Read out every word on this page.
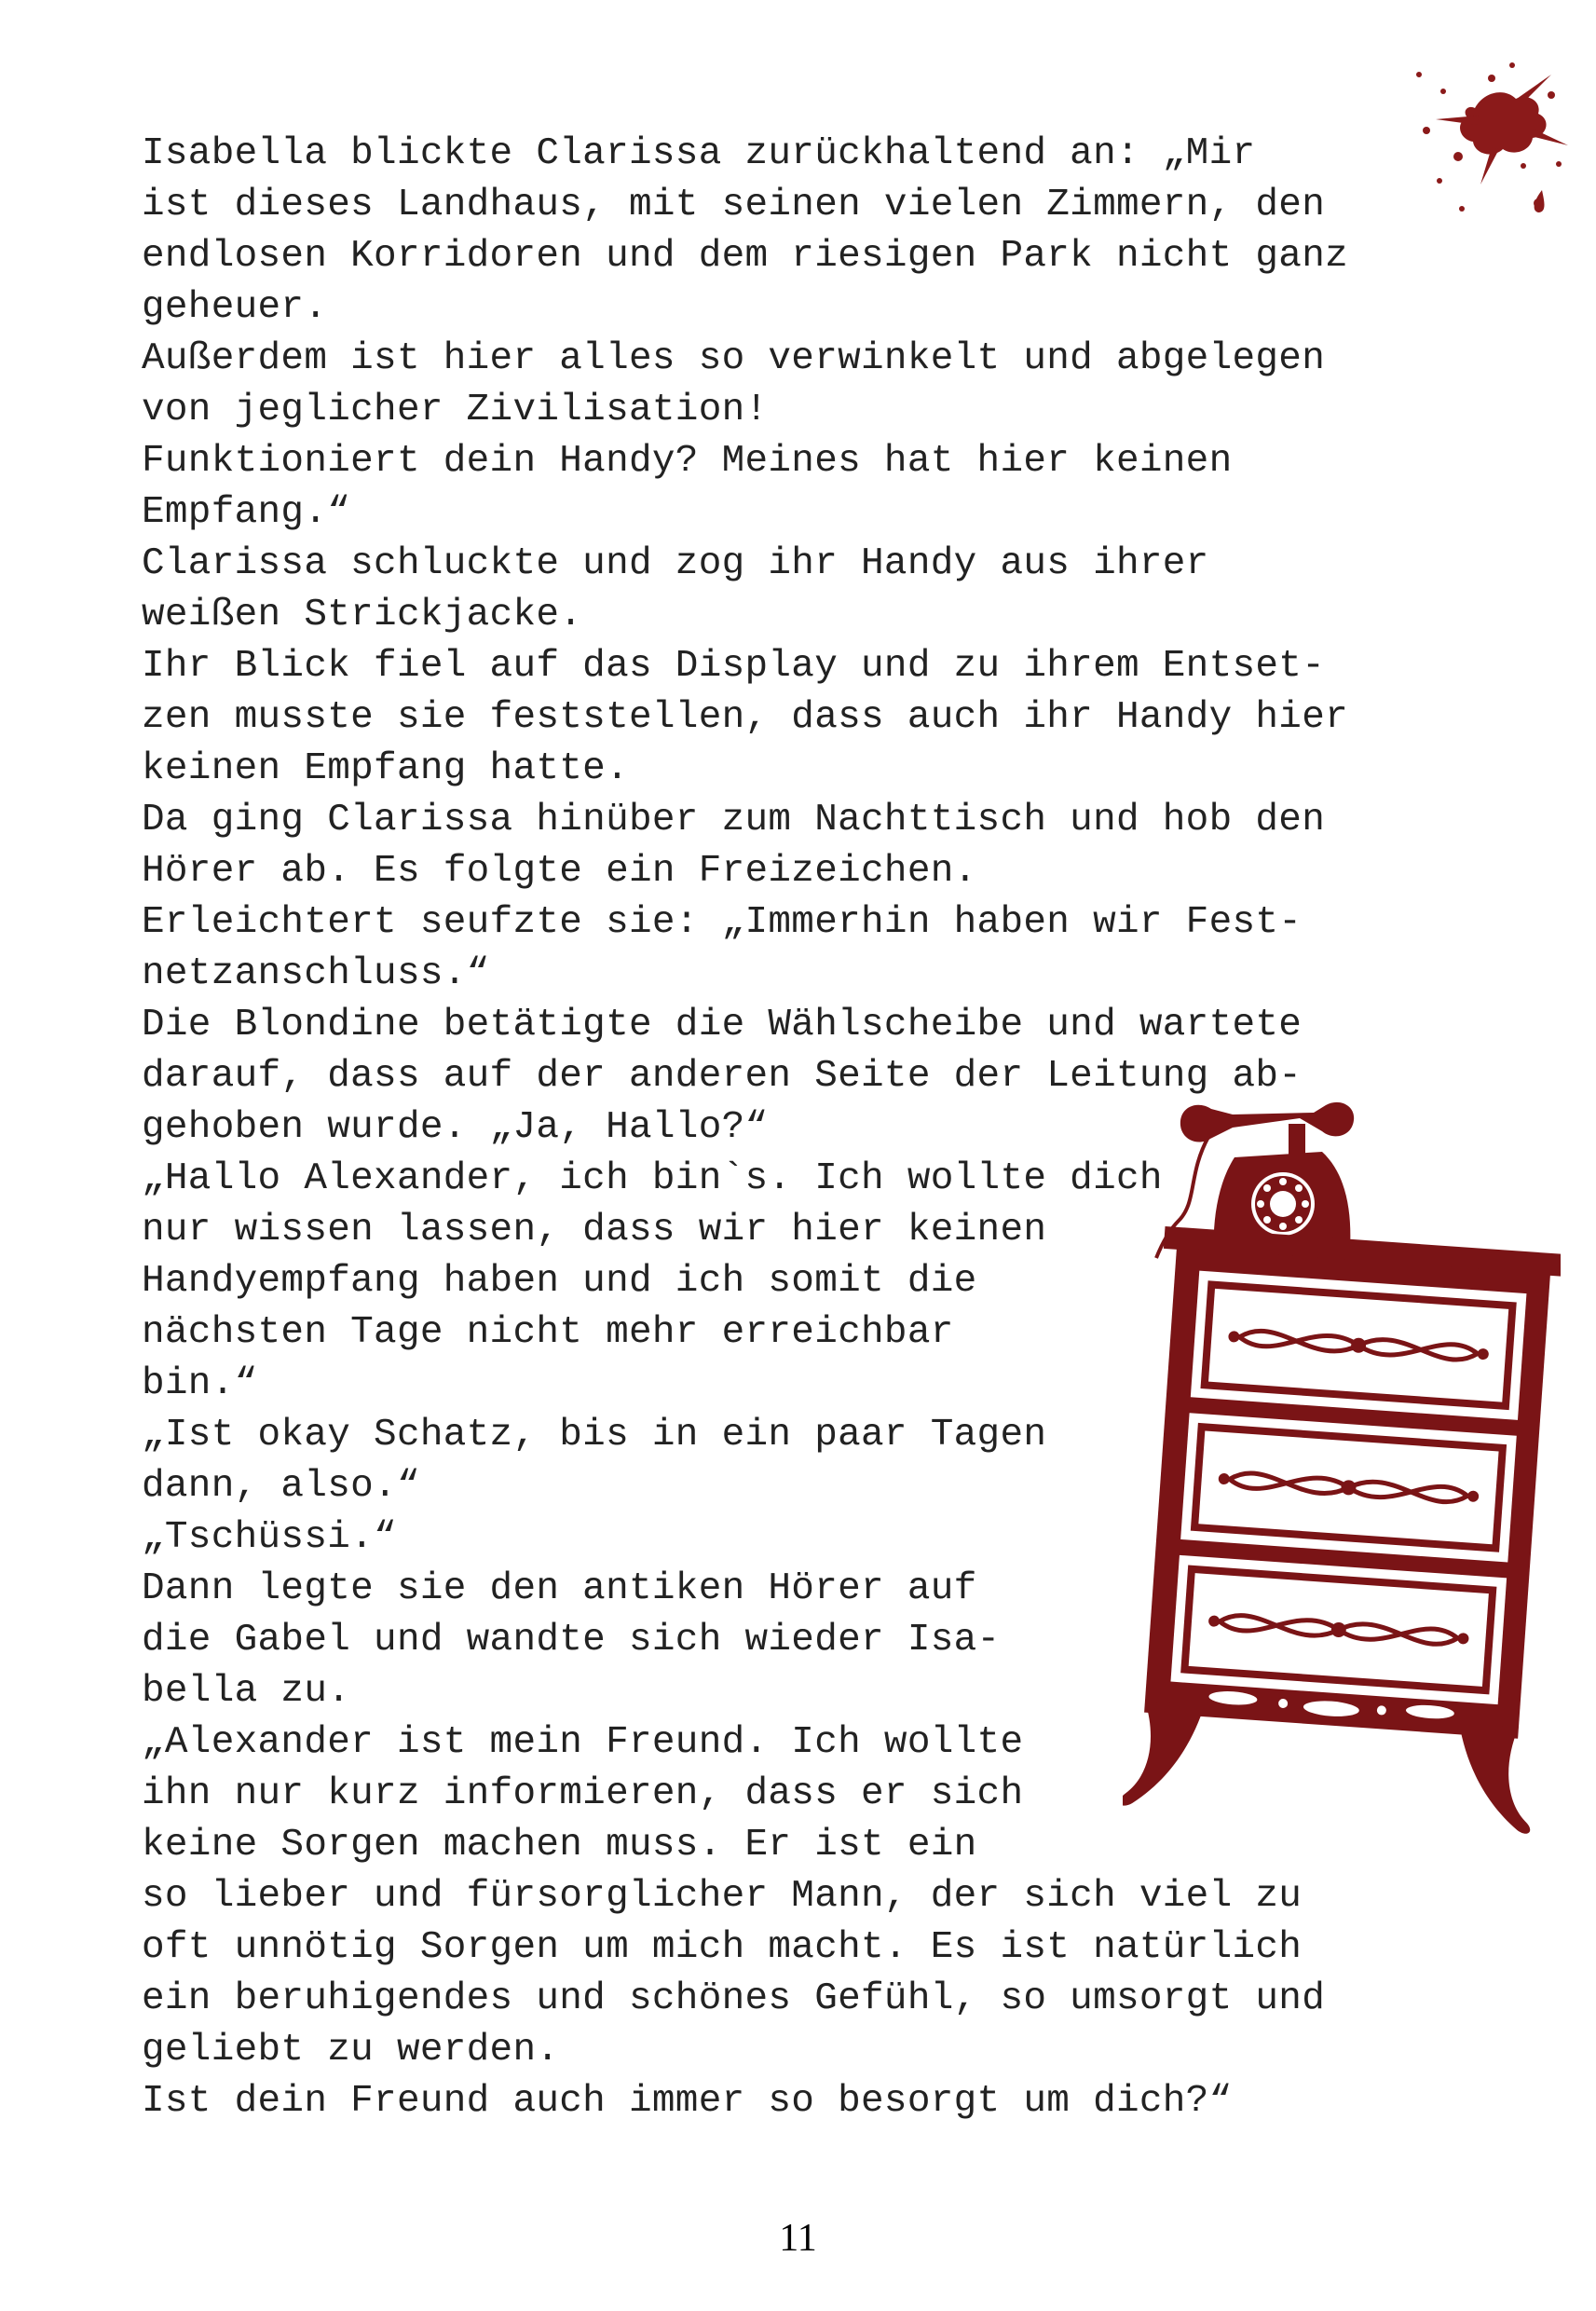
Isabella blickte Clarissa zurückhaltend an: „Mir
ist dieses Landhaus, mit seinen vielen Zimmern, den
endlosen Korridoren und dem riesigen Park nicht ganz
geheuer.
Außerdem ist hier alles so verwinkelt und abgelegen
von jeglicher Zivilisation!
Funktioniert dein Handy? Meines hat hier keinen
Empfang.“
Clarissa schluckte und zog ihr Handy aus ihrer
weißen Strickjacke.
Ihr Blick fiel auf das Display und zu ihrem Entset-
zen musste sie feststellen, dass auch ihr Handy hier
keinen Empfang hatte.
Da ging Clarissa hinüber zum Nachttisch und hob den
Hörer ab. Es folgte ein Freizeichen.
Erleichtert seufzte sie: „Immerhin haben wir Fest-
netzanschluss.“
Die Blondine betätigte die Wählscheibe und wartete
darauf, dass auf der anderen Seite der Leitung ab-
gehoben wurde. „Ja, Hallo?“
„Hallo Alexander, ich bin`s. Ich wollte dich
nur wissen lassen, dass wir hier keinen
Handyempfang haben und ich somit die
nächsten Tage nicht mehr erreichbar
bin.“
„Ist okay Schatz, bis in ein paar Tagen
dann, also.“
„Tschüssi.“
Dann legte sie den antiken Hörer auf
die Gabel und wandte sich wieder Isa-
bella zu.
„Alexander ist mein Freund. Ich wollte
ihn nur kurz informieren, dass er sich
keine Sorgen machen muss. Er ist ein
so lieber und fürsorglicher Mann, der sich viel zu
oft unnötig Sorgen um mich macht. Es ist natürlich
ein beruhigendes und schönes Gefühl, so umsorgt und
geliebt zu werden.
Ist dein Freund auch immer so besorgt um dich?“
11
